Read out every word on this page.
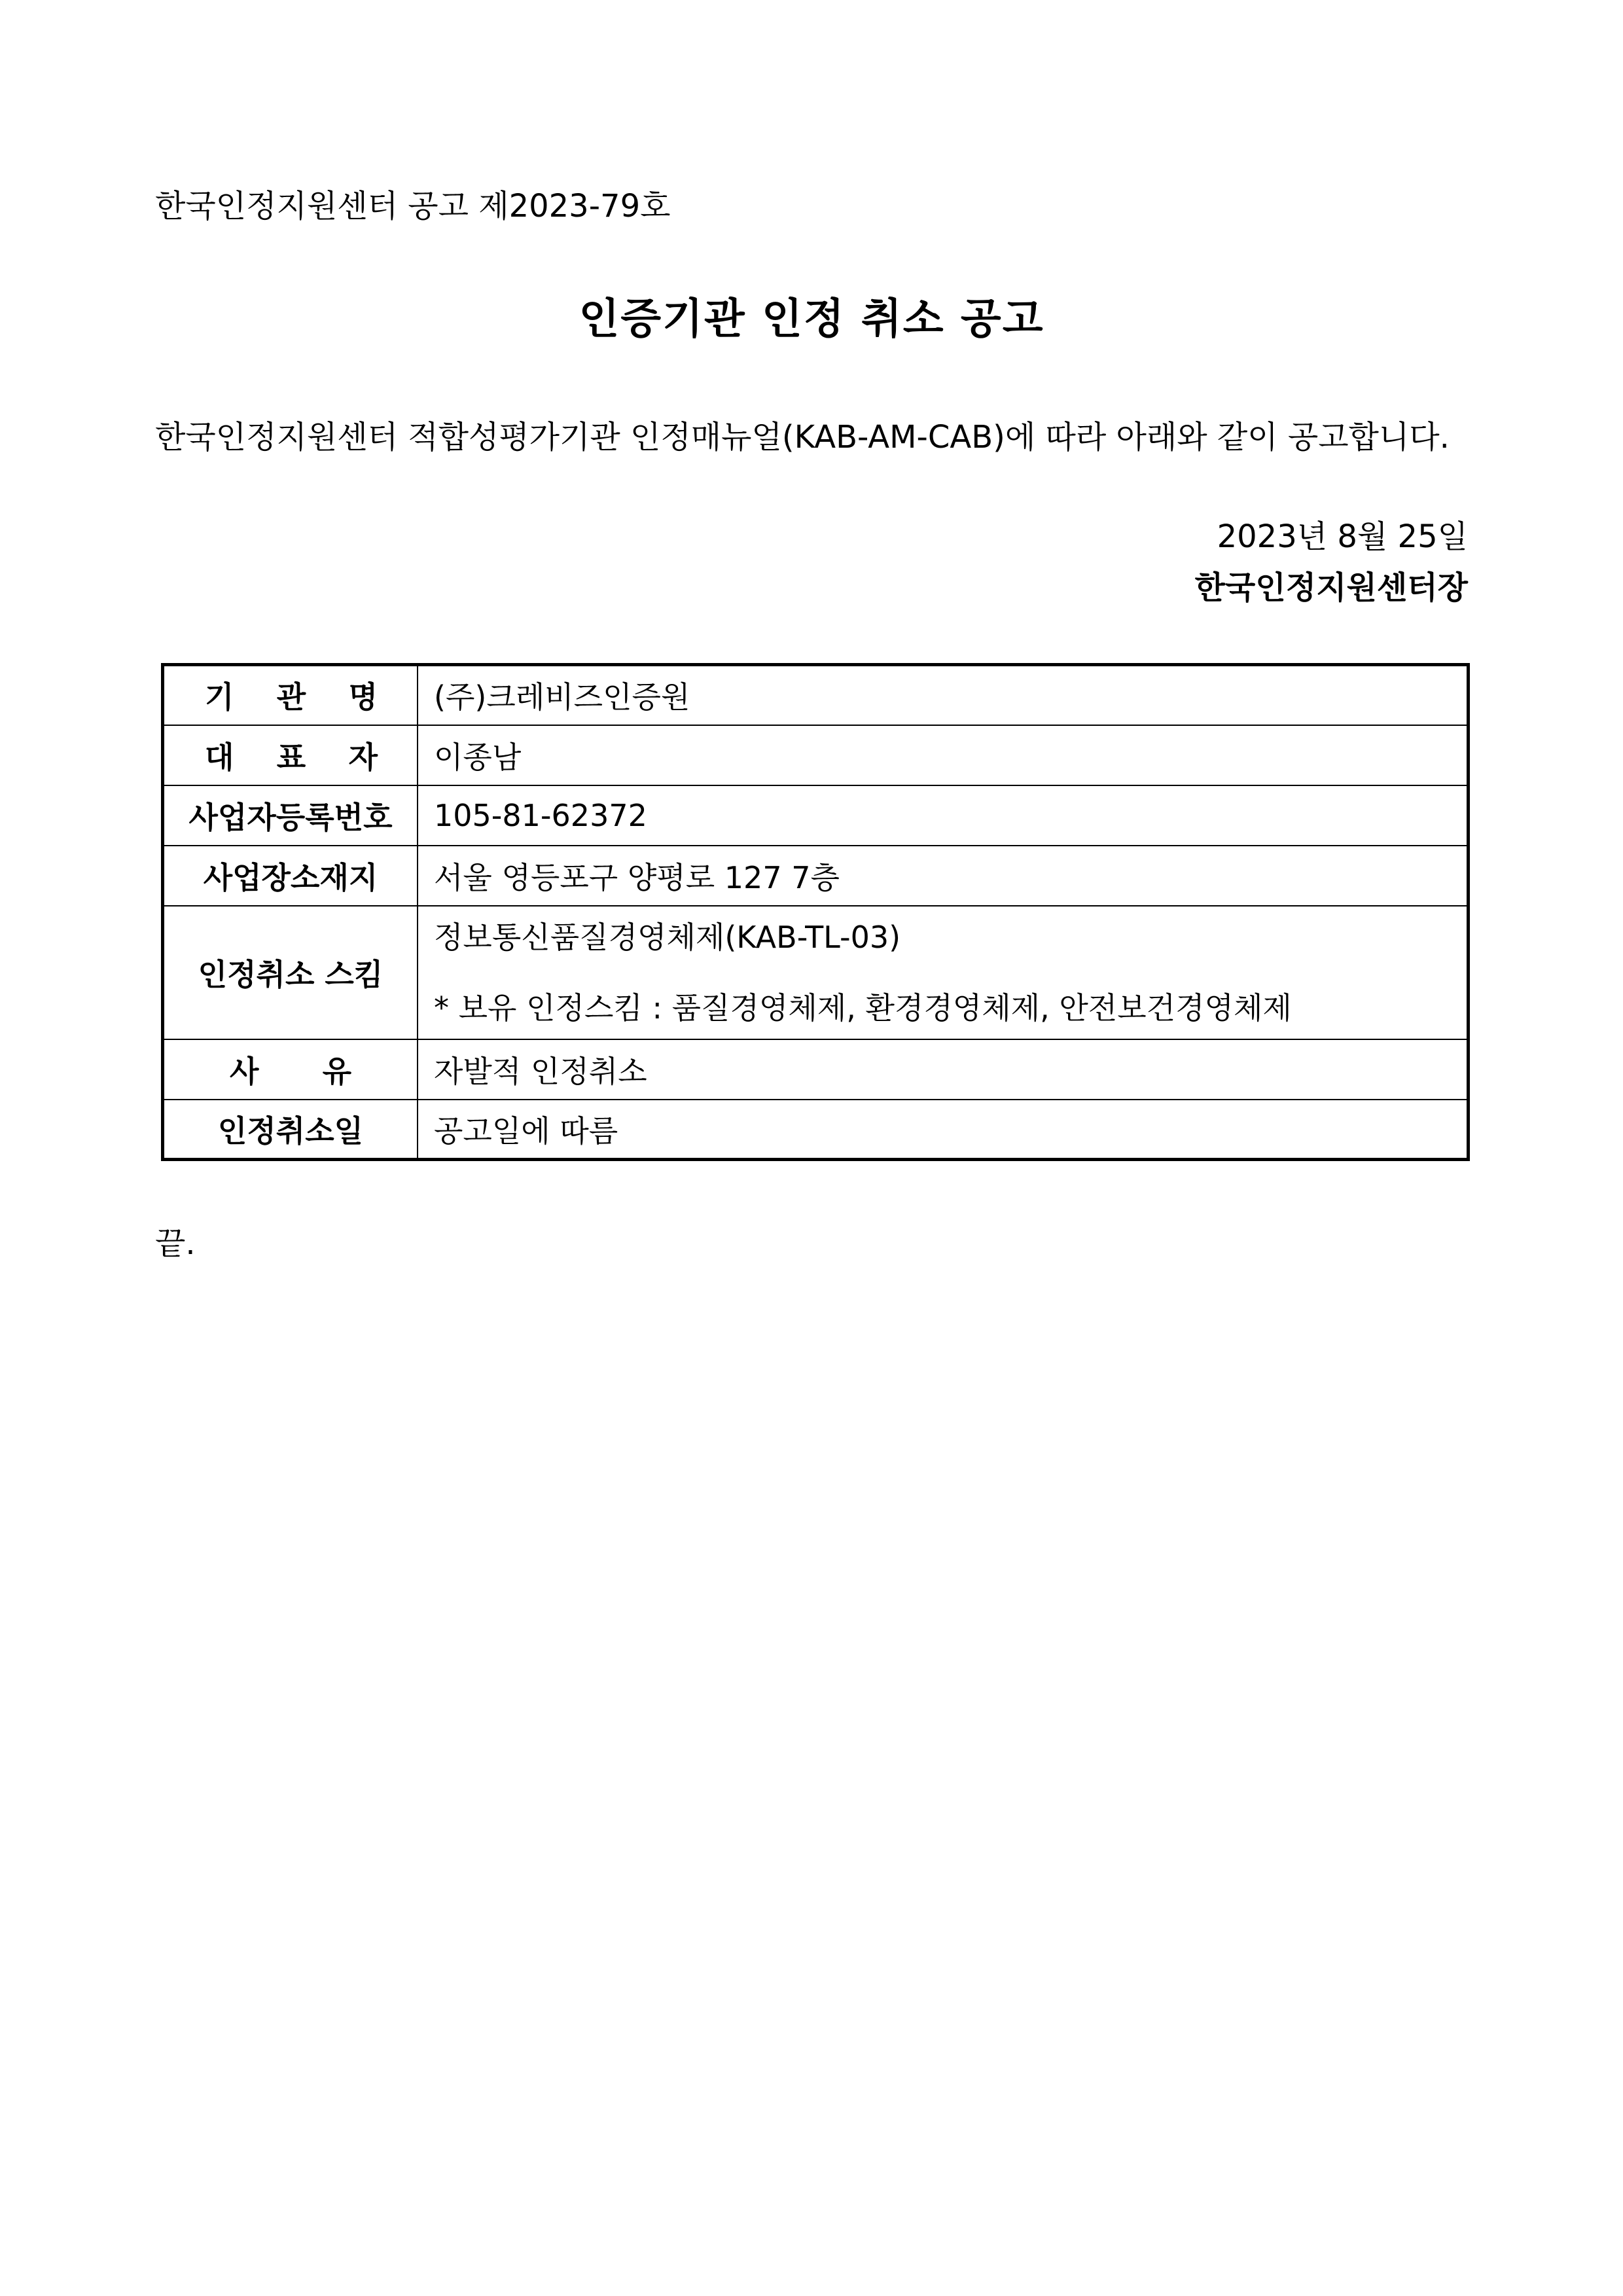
한국인정지원센터 공고 제2023-79호
인증기관 인정 취소 공고
한국인정지원센터 적합성평가기관 인정매뉴얼(KAB-AM-CAB)에 따라 아래와 같이 공고합니다.
2023년 8월 25일
한국인정지원센터장
기 관 명	(주)크레비즈인증원

대 표 자	이종남
사업자등록번호	105-81-62372
사업장소재지	서울 영등포구 양평로 127 7층
인정취소 스킴	정보통신품질경영체제(KAB-TL-03)
* 보유 인정스킴 : 품질경영체제, 환경경영체제, 안전보건경영체제

사 유	자발적 인정취소
인정취소일	공고일에 따름
끝.
